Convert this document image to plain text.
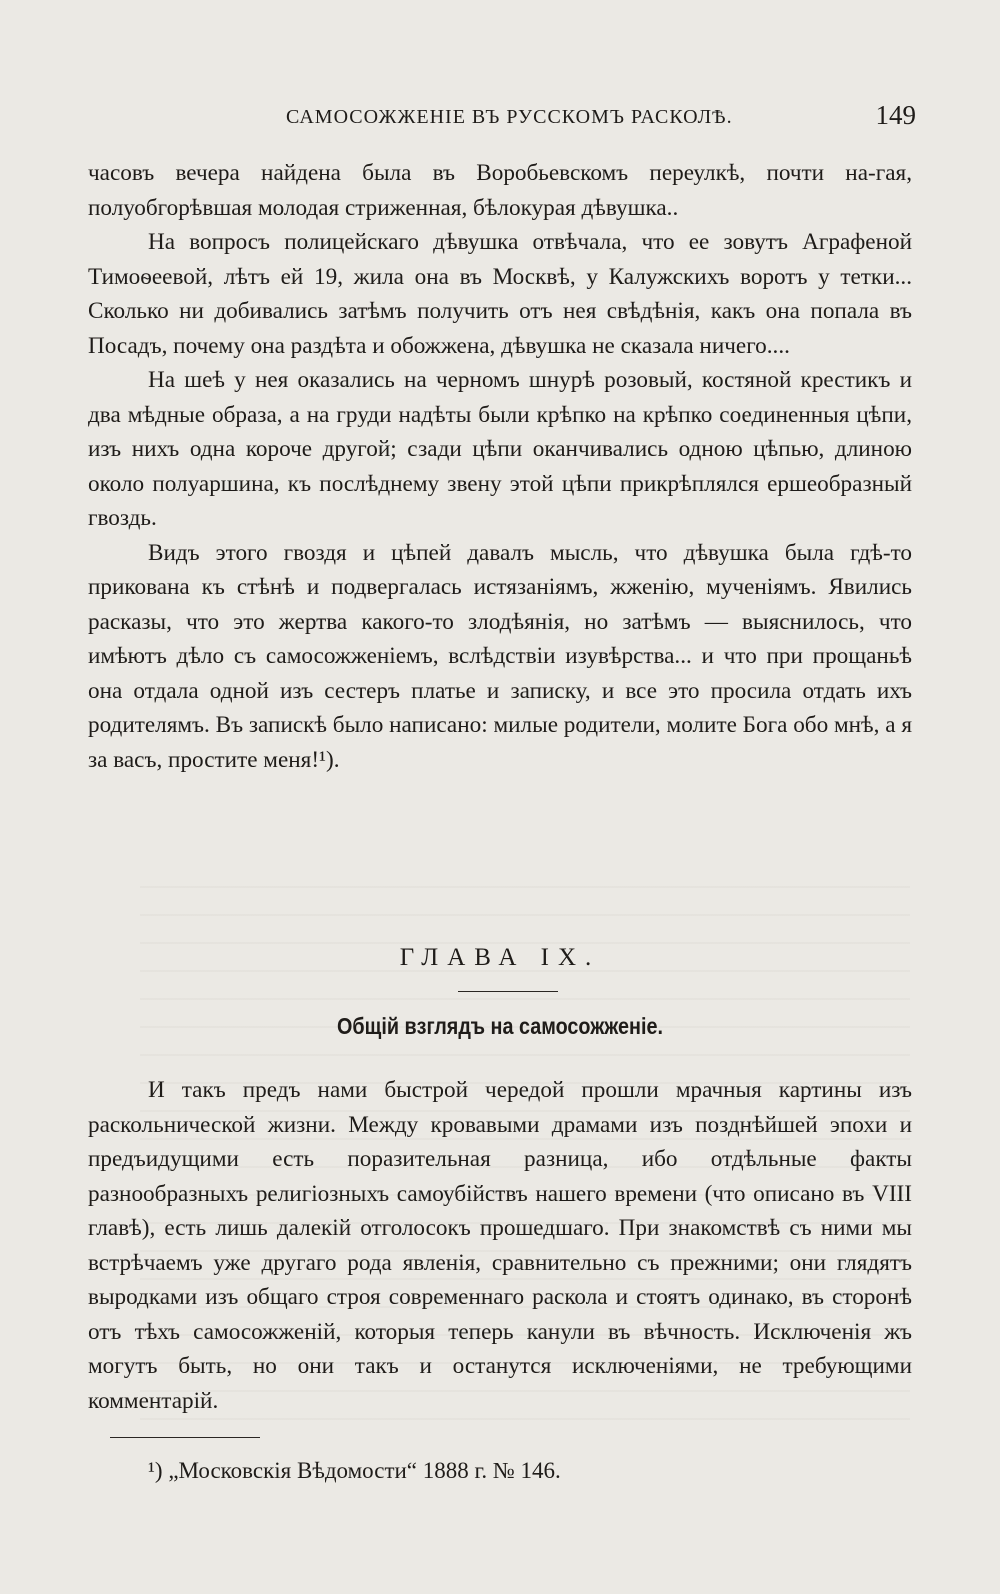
САМОСОЖЖЕНІЕ ВЪ РУССКОМЪ РАСКОЛѢ.	149

часовъ вечера найдена была въ Воробьевскомъ переулкѣ, почти на-гая, полуобгорѣвшая молодая стриженная, бѣлокурая дѣвушка..

На вопросъ полицейскаго дѣвушка отвѣчала, что ее зовутъ Аграфеной Тимоѳеевой, лѣтъ ей 19, жила она въ Москвѣ, у Калужскихъ воротъ у тетки... Сколько ни добивались затѣмъ получить отъ нея свѣдѣнія, какъ она попала въ Посадъ, почему она раздѣта и обожжена, дѣвушка не сказала ничего....

На шеѣ у нея оказались на черномъ шнурѣ розовый, костяной крестикъ и два мѣдные образа, а на груди надѣты были крѣпко на крѣпко соединенныя цѣпи, изъ нихъ одна короче другой; сзади цѣпи оканчивались одною цѣпью, длиною около полуаршина, къ послѣднему звену этой цѣпи прикрѣплялся ершеобразный гвоздь.

Видъ этого гвоздя и цѣпей давалъ мысль, что дѣвушка была гдѣ-то прикована къ стѣнѣ и подвергалась истязаніямъ, жженію, мученіямъ. Явились расказы, что это жертва какого-то злодѣянія, но затѣмъ — выяснилось, что имѣютъ дѣло съ самосожженіемъ, вслѣдствіи изувѣрства... и что при прощаньѣ она отдала одной изъ сестеръ платье и записку, и все это просила отдать ихъ родителямъ. Въ запискѣ было написано: милые родители, молите Бога обо мнѣ, а я за васъ, простите меня!¹).

ГЛАВА IX.
Общій взглядъ на самосожженіе.

И такъ предъ нами быстрой чередой прошли мрачныя картины изъ раскольнической жизни. Между кровавыми драмами изъ позднѣйшей эпохи и предъидущими есть поразительная разница, ибо отдѣльные факты разнообразныхъ религіозныхъ самоубійствъ нашего времени (что описано въ VIII главѣ), есть лишь далекій отголосокъ прошедшаго. При знакомствѣ съ ними мы встрѣчаемъ уже другаго рода явленія, сравнительно съ прежними; они глядятъ выродками изъ общаго строя современнаго раскола и стоятъ одинако, въ сторонѣ отъ тѣхъ самосожженій, которыя теперь канули въ вѣчность. Исключенія жъ могутъ быть, но они такъ и останутся исключеніями, не требующими комментарій.

¹) „Московскія Вѣдомости“ 1888 г. № 146.
